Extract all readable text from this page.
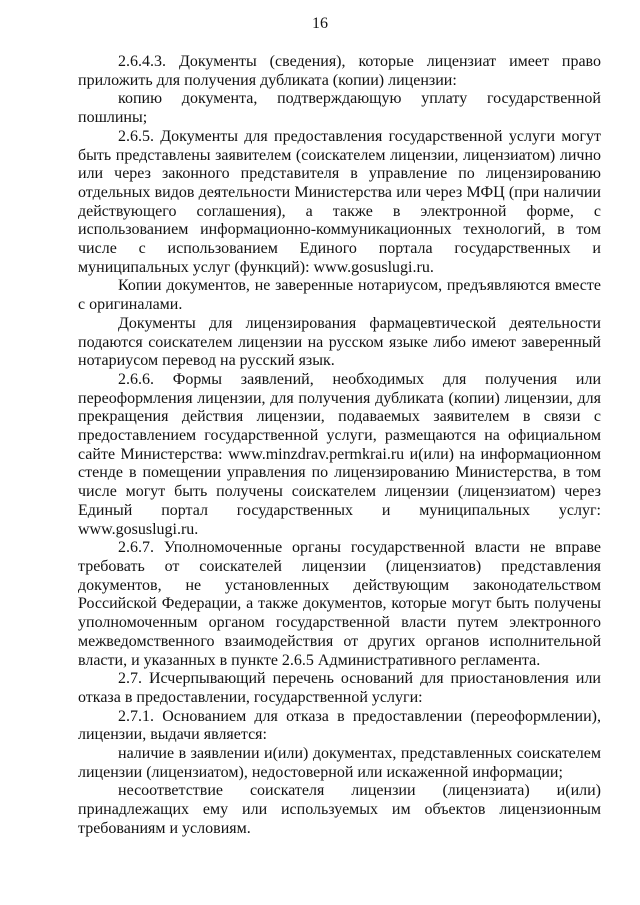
16

2.6.4.3. Документы (сведения), которые лицензиат имеет право приложить для получения дубликата (копии) лицензии:

копию документа, подтверждающую уплату государственной пошлины;

2.6.5. Документы для предоставления государственной услуги могут быть представлены заявителем (соискателем лицензии, лицензиатом) лично или через законного представителя в управление по лицензированию отдельных видов деятельности Министерства или через МФЦ (при наличии действующего соглашения), а также в электронной форме, с использованием информационно-коммуникационных технологий, в том числе с использованием Единого портала государственных и муниципальных услуг (функций): www.gosuslugi.ru.

Копии документов, не заверенные нотариусом, предъявляются вместе с оригиналами.

Документы для лицензирования фармацевтической деятельности подаются соискателем лицензии на русском языке либо имеют заверенный нотариусом перевод на русский язык.

2.6.6. Формы заявлений, необходимых для получения или переоформления лицензии, для получения дубликата (копии) лицензии, для прекращения действия лицензии, подаваемых заявителем в связи с предоставлением государственной услуги, размещаются на официальном сайте Министерства: www.minzdrav.permkrai.ru и(или) на информационном стенде в помещении управления по лицензированию Министерства, в том числе могут быть получены соискателем лицензии (лицензиатом) через Единый портал государственных и муниципальных услуг: www.gosuslugi.ru.

2.6.7. Уполномоченные органы государственной власти не вправе требовать от соискателей лицензии (лицензиатов) представления документов, не установленных действующим законодательством Российской Федерации, а также документов, которые могут быть получены уполномоченным органом государственной власти путем электронного межведомственного взаимодействия от других органов исполнительной власти, и указанных в пункте 2.6.5 Административного регламента.

2.7. Исчерпывающий перечень оснований для приостановления или отказа в предоставлении, государственной услуги:

2.7.1. Основанием для отказа в предоставлении (переоформлении), лицензии, выдачи является:

наличие в заявлении и(или) документах, представленных соискателем лицензии (лицензиатом), недостоверной или искаженной информации;

несоответствие соискателя лицензии (лицензиата) и(или) принадлежащих ему или используемых им объектов лицензионным требованиям и условиям.
